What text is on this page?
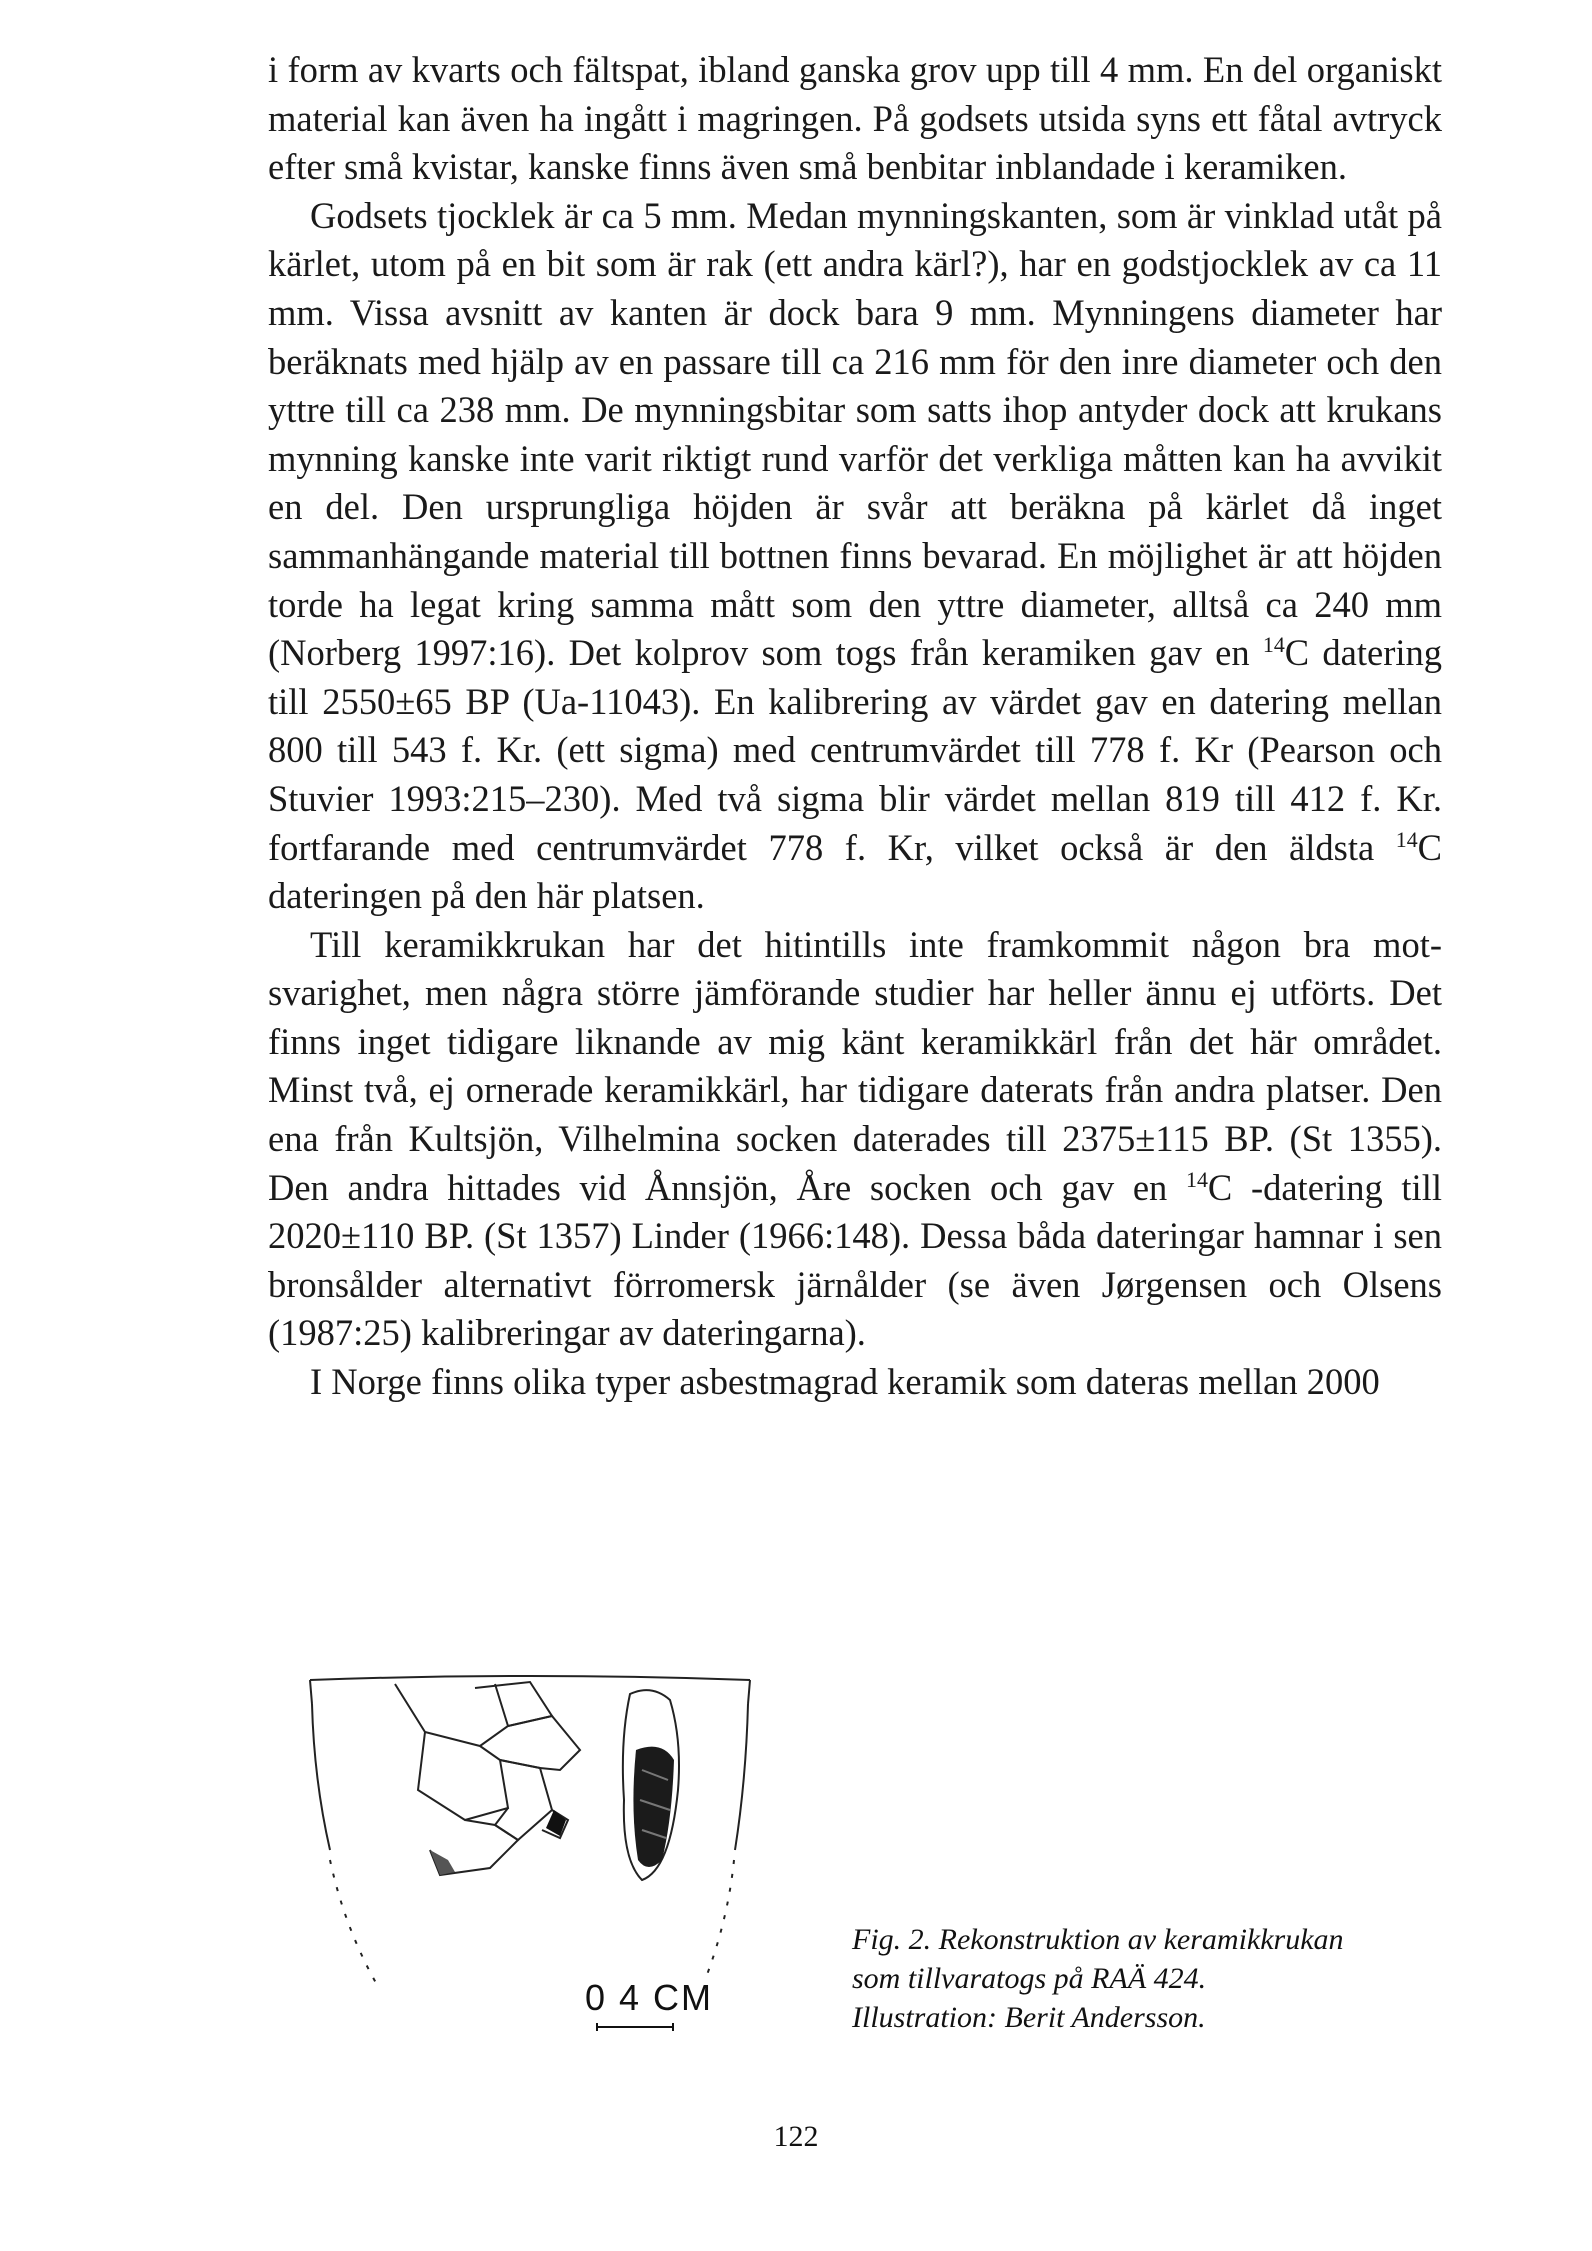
i form av kvarts och fältspat, ibland ganska grov upp till 4 mm. En del organiskt material kan även ha ingått i magringen. På godsets utsida syns ett fåtal avtryck efter små kvistar, kanske finns även små benbitar inblandade i keramiken.

Godsets tjocklek är ca 5 mm. Medan mynningskanten, som är vinklad utåt på kärlet, utom på en bit som är rak (ett andra kärl?), har en godstjocklek av ca 11 mm. Vissa avsnitt av kanten är dock bara 9 mm. Mynningens diameter har beräknats med hjälp av en passare till ca 216 mm för den inre diameter och den yttre till ca 238 mm. De mynningsbitar som satts ihop antyder dock att krukans mynning kanske inte varit riktigt rund varför det verkliga måtten kan ha avvikit en del. Den ursprungliga höjden är svår att beräkna på kärlet då inget sammanhängande material till bottnen finns bevarad. En möjlighet är att höjden torde ha legat kring samma mått som den yttre diameter, alltså ca 240 mm (Norberg 1997:16). Det kolprov som togs från keramiken gav en $^{14}$C datering till 2550±65 BP (Ua-11043). En kalibrering av värdet gav en datering mellan 800 till 543 f. Kr. (ett sigma) med centrumvärdet till 778 f. Kr (Pearson och Stuvier 1993:215–230). Med två sigma blir värdet mellan 819 till 412 f. Kr. fortfarande med centrumvärdet 778 f. Kr, vilket också är den äldsta $^{14}$C dateringen på den här platsen.

Till keramikkrukan har det hitintills inte framkommit någon bra motsvarighet, men några större jämförande studier har heller ännu ej utförts. Det finns inget tidigare liknande av mig känt keramikkärl från det här området. Minst två, ej ornerade keramikkärl, har tidigare daterats från andra platser. Den ena från Kultsjön, Vilhelmina socken daterades till 2375±115 BP. (St 1355). Den andra hittades vid Ånnsjön, Åre socken och gav en $^{14}$C -datering till 2020±110 BP. (St 1357) Linder (1966:148). Dessa båda dateringar hamnar i sen bronsålder alternativt förromersk järnålder (se även Jørgensen och Olsens (1987:25) kalibreringar av dateringarna).

I Norge finns olika typer asbestmagrad keramik som dateras mellan 2000

0 4 CM
Fig. 2. Rekonstruktion av keramikkrukan
som tillvaratogs på RAÄ 424.
Illustration: Berit Andersson.
122
